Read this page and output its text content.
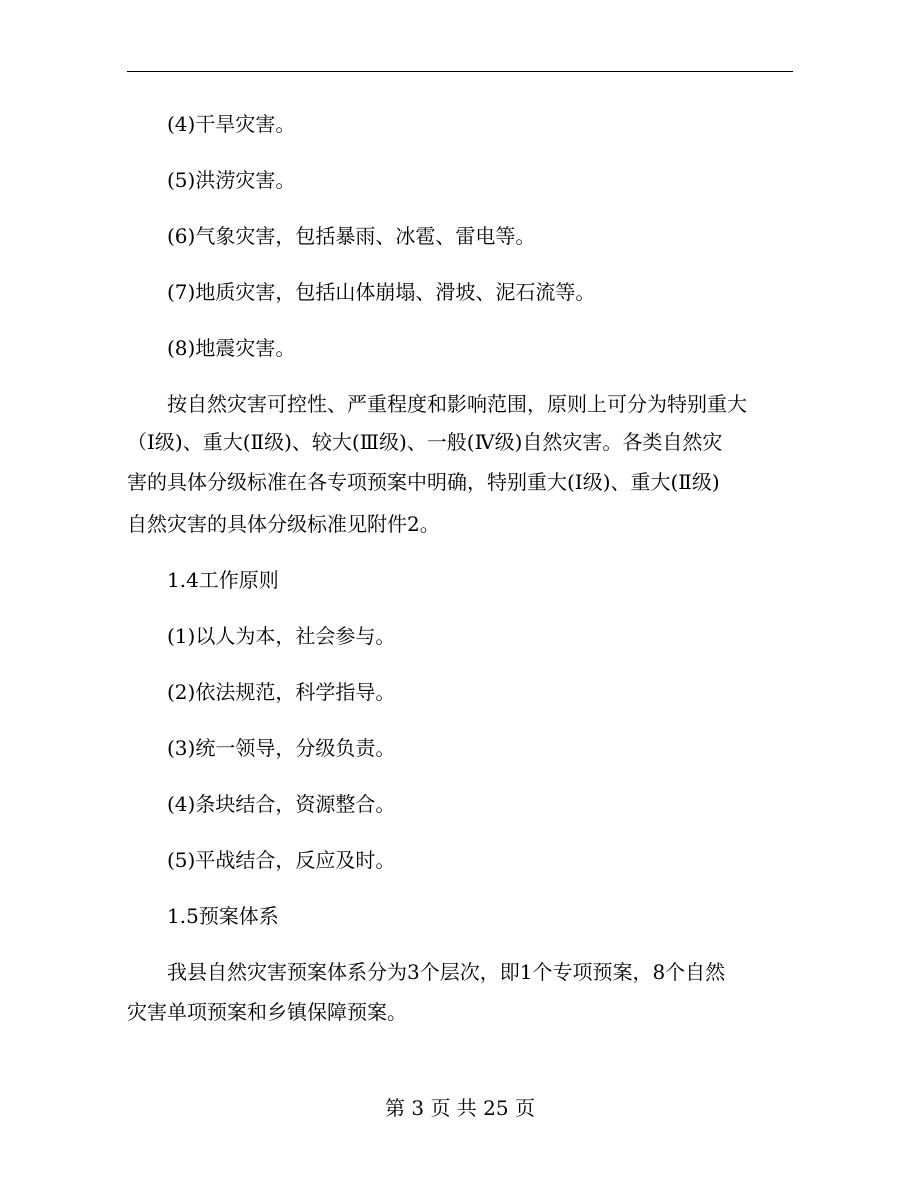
　　(4)干旱灾害。
　　(5)洪涝灾害。
　　(6)气象灾害，包括暴雨、冰雹、雷电等。
　　(7)地质灾害，包括山体崩塌、滑坡、泥石流等。
　　(8)地震灾害。
　　按自然灾害可控性、严重程度和影响范围，原则上可分为特别重大
（Ⅰ级)、重大(Ⅱ级)、较大(Ⅲ级)、一般(Ⅳ级)自然灾害。各类自然灾
害的具体分级标准在各专项预案中明确，特别重大(Ⅰ级)、重大(Ⅱ级)
自然灾害的具体分级标准见附件2。
　　1.4工作原则
　　(1)以人为本，社会参与。
　　(2)依法规范，科学指导。
　　(3)统一领导，分级负责。
　　(4)条块结合，资源整合。
　　(5)平战结合，反应及时。
　　1.5预案体系
　　我县自然灾害预案体系分为3个层次，即1个专项预案，8个自然
灾害单项预案和乡镇保障预案。
第 3 页 共 25 页
